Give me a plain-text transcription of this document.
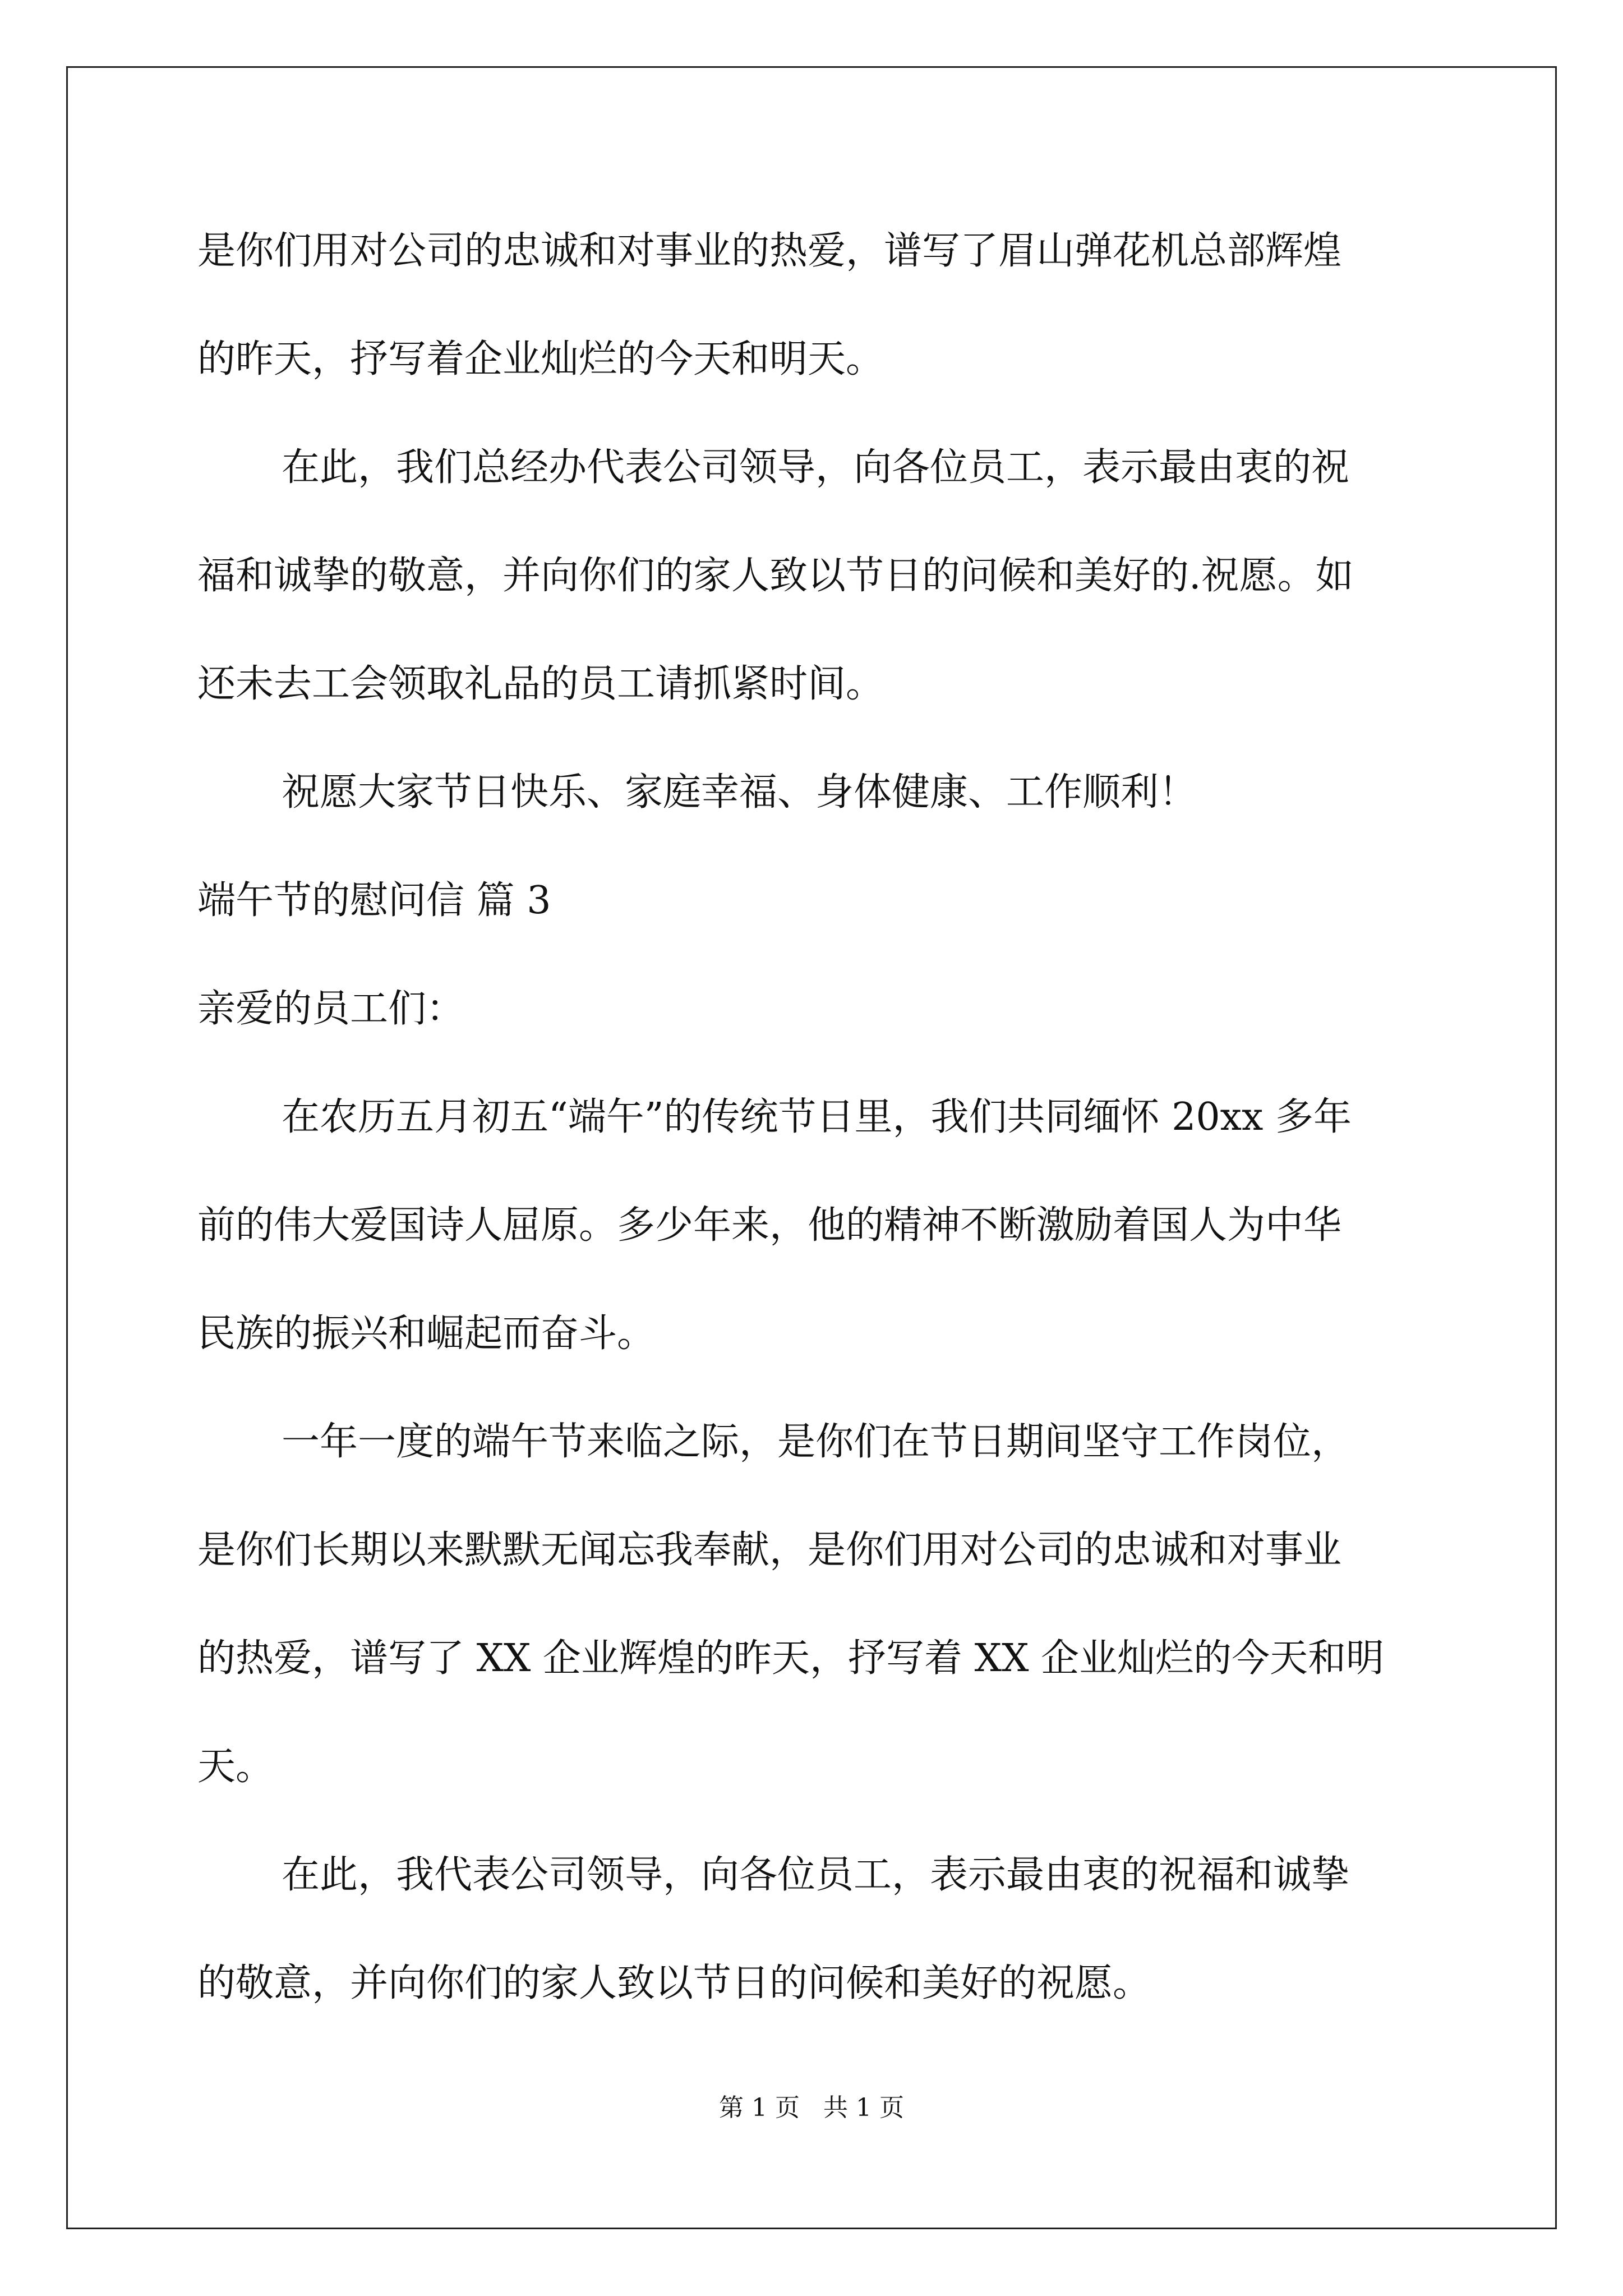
是你们用对公司的忠诚和对事业的热爱，谱写了眉山弹花机总部辉煌
的昨天，抒写着企业灿烂的今天和明天。
在此，我们总经办代表公司领导，向各位员工，表示最由衷的祝
福和诚挚的敬意，并向你们的家人致以节日的问候和美好的.祝愿。如
还未去工会领取礼品的员工请抓紧时间。
祝愿大家节日快乐、家庭幸福、身体健康、工作顺利！
端午节的慰问信 篇 3
亲爱的员工们：
在农历五月初五“端午”的传统节日里，我们共同缅怀 20xx 多年
前的伟大爱国诗人屈原。多少年来，他的精神不断激励着国人为中华
民族的振兴和崛起而奋斗。
一年一度的端午节来临之际，是你们在节日期间坚守工作岗位，
是你们长期以来默默无闻忘我奉献，是你们用对公司的忠诚和对事业
的热爱，谱写了 XX 企业辉煌的昨天，抒写着 XX 企业灿烂的今天和明
天。
在此，我代表公司领导，向各位员工，表示最由衷的祝福和诚挚
的敬意，并向你们的家人致以节日的问候和美好的祝愿。
第 1 页   共 1 页
